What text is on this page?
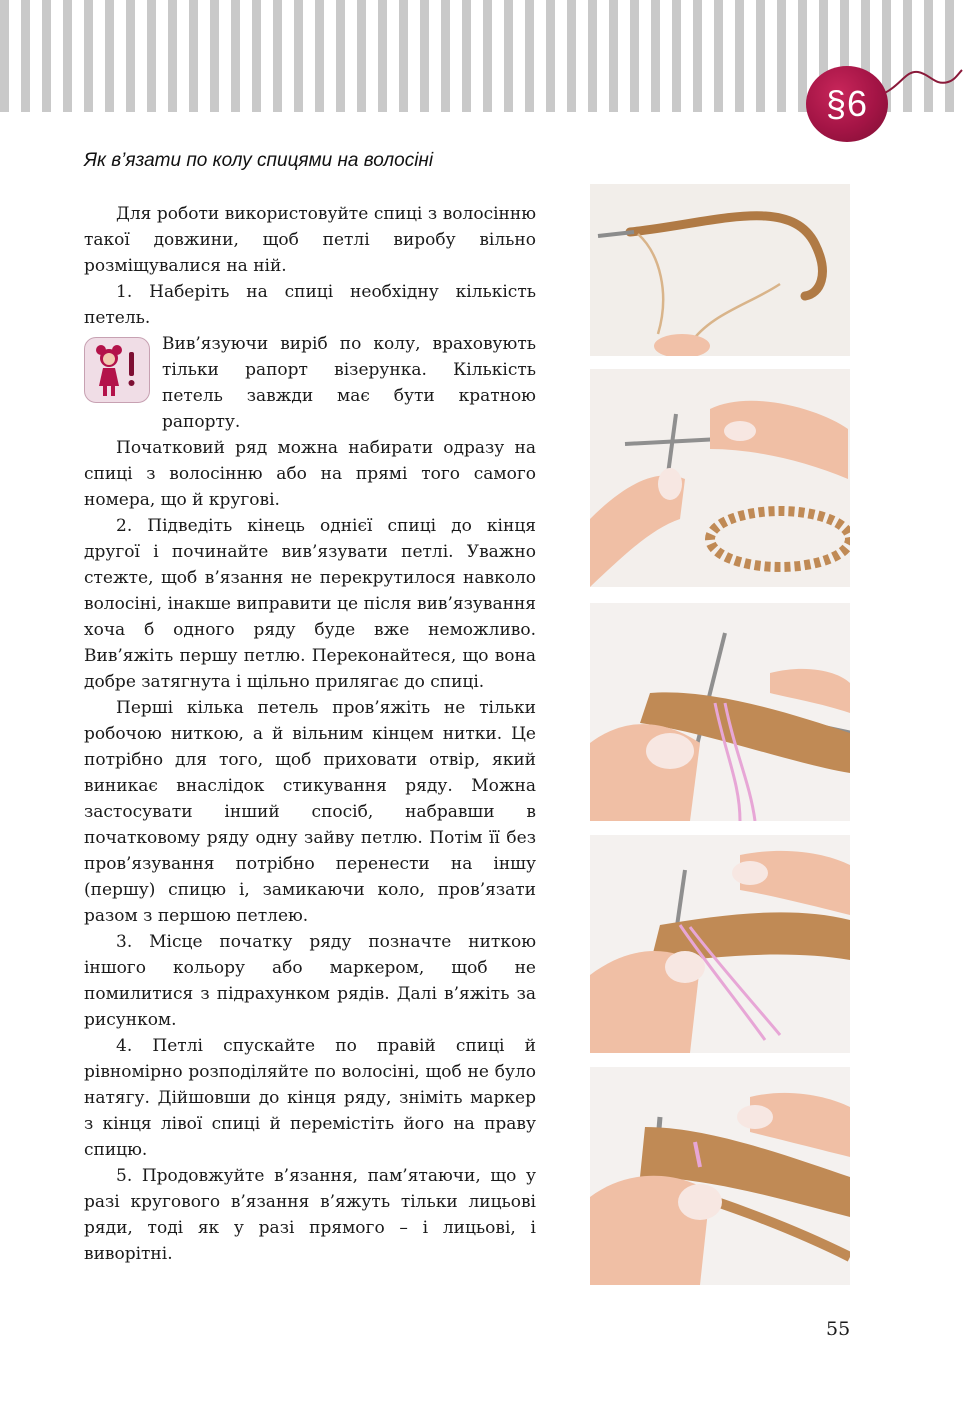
§6
Як в’язати по колу спицями на волосіні

Для роботи використовуйте спиці з волосінню такої довжини, щоб петлі виробу вільно розміщувалися на ній.

1. Наберіть на спиці необхідну кількість петель.

Вив’язуючи виріб по колу, враховують тільки рапорт візерунка. Кількість петель завжди має бути кратною рапорту.

Початковий ряд можна набирати одразу на спиці з волосінню або на прямі того самого номера, що й кругові.

2. Підведіть кінець однієї спиці до кінця другої і починайте вив’язувати петлі. Уважно стежте, щоб в’язання не перекрутилося навколо волосіні, інакше виправити це після вив’язування хоча б одного ряду буде вже неможливо. Вив’яжіть першу петлю. Переконайтеся, що вона добре затягнута і щільно прилягає до спиці.

Перші кілька петель пров’яжіть не тільки робочою ниткою, а й вільним кінцем нитки. Це потрібно для того, щоб приховати отвір, який виникає внаслідок стикування ряду. Можна застосувати інший спосіб, набравши в початковому ряду одну зайву петлю. Потім її без пров’язування потрібно перенести на іншу (першу) спицю і, замикаючи коло, пров’язати разом з першою петлею.

3. Місце початку ряду позначте ниткою іншого кольору або маркером, щоб не помилитися з підрахунком рядів. Далі в’яжіть за рисунком.

4. Петлі спускайте по правій спиці й рівномірно розподіляйте по волосіні, щоб не було натягу. Дійшовши до кінця ряду, зніміть маркер з кінця лівої спиці й перемістіть його на праву спицю.

5. Продовжуйте в’язання, пам’ятаючи, що у разі кругового в’язання в’яжуть тільки лицьові ряди, тоді як у разі прямого – і лицьові, і виворітні.

55
